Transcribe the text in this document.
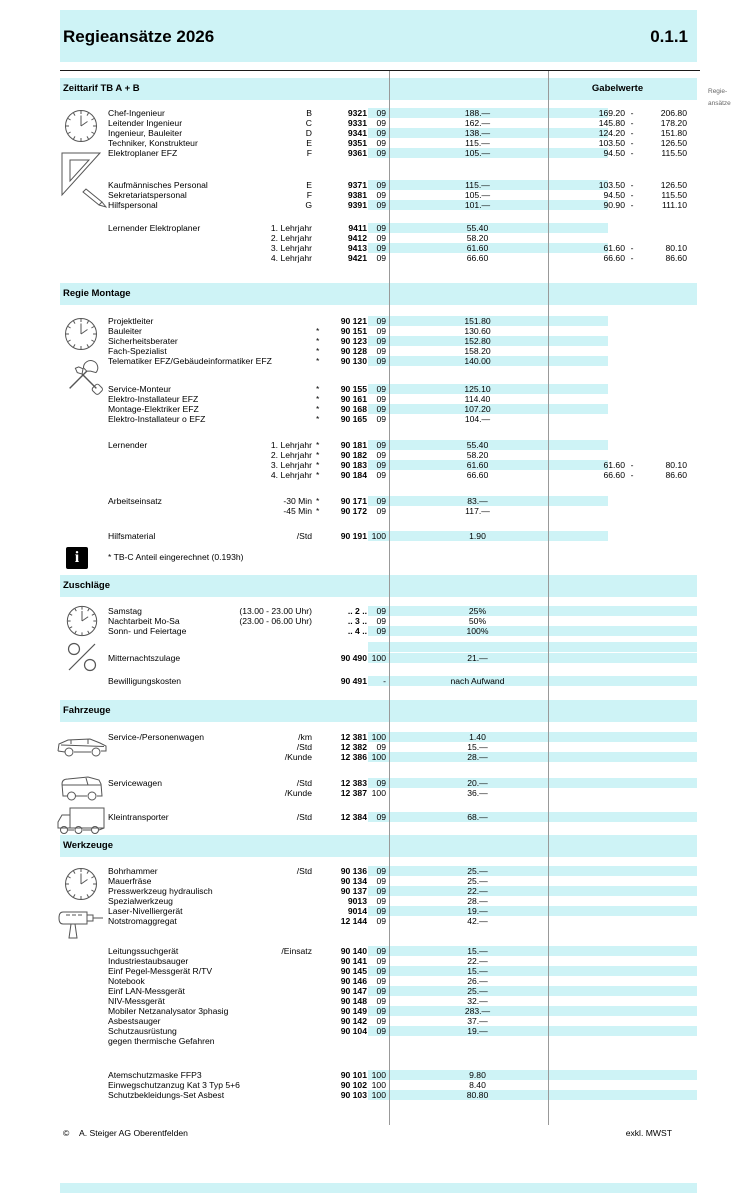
Regieansätze 2026	0.1.1
Regie-
ansätze
Zeittarif TB A + B	Gabelwerte
Regie Montage
Zuschläge
Fahrzeuge
Werkzeuge
Chef-Ingenieur	B	9321	09	188.—	169.20 -	206.80
Leitender Ingenieur	C	9331	09	162.—	145.80 -	178.20
Ingenieur, Bauleiter	D	9341	09	138.—	124.20 -	151.80
Techniker, Konstrukteur	E	9351	09	115.—	103.50 -	126.50
Elektroplaner EFZ	F	9361	09	105.—	94.50 -	115.50
Kaufmännisches Personal	E	9371	09	115.—	103.50 -	126.50
Sekretariatspersonal	F	9381	09	105.—	94.50 -	115.50
Hilfspersonal	G	9391	09	101.—	90.90 -	111.10
Lernender Elektroplaner	1. Lehrjahr	9411	09	55.40
2. Lehrjahr	9412	09	58.20
3. Lehrjahr	9413	09	61.60	61.60 -	80.10
4. Lehrjahr	9421	09	66.60	66.60 -	86.60
Projektleiter	90 121	09	151.80
Bauleiter	*	90 151	09	130.60
Sicherheitsberater	*	90 123	09	152.80
Fach-Spezialist	*	90 128	09	158.20
Telematiker EFZ/Gebäudeinformatiker EFZ	*	90 130	09	140.00
Service-Monteur	*	90 155	09	125.10
Elektro-Installateur EFZ	*	90 161	09	114.40
Montage-Elektriker EFZ	*	90 168	09	107.20
Elektro-Installateur o EFZ	*	90 165	09	104.—
Lernender	1. Lehrjahr *	90 181	09	55.40
2. Lehrjahr *	90 182	09	58.20
3. Lehrjahr *	90 183	09	61.60	61.60 -	80.10
4. Lehrjahr *	90 184	09	66.60	66.60 -	86.60
Arbeitseinsatz	-30 Min *	90 171	09	83.—
-45 Min *	90 172	09	117.—
Hilfsmaterial	/Std	90 191 100	1.90
Samstag	(13.00 - 23.00 Uhr)	.. 2 ..	09	25%
Nachtarbeit Mo-Sa	(23.00 - 06.00 Uhr)	.. 3 ..	09	50%
Sonn- und Feiertage	.. 4 ..	09	100%
Mitternachtszulage	90 490 100	21.—
Bewilligungskosten	90 491	-	nach Aufwand
Service-/Personenwagen	/km	12 381 100	1.40
/Std	12 382	09	15.—
/Kunde	12 386 100	28.—
Servicewagen	/Std	12 383	09	20.—
/Kunde	12 387 100	36.—
Kleintransporter	/Std	12 384	09	68.—
Bohrhammer	/Std	90 136	09	25.—
Mauerfräse	90 134	09	25.—
Presswerkzeug hydraulisch	90 137	09	22.—
Spezialwerkzeug	9013	09	28.—
Laser-Nivelliergerät	9014	09	19.—
Notstromaggregat	12 144	09	42.—
Leitungssuchgerät	/Einsatz	90 140	09	15.—
Industriestaubsauger	90 141	09	22.—
Einf Pegel-Messgerät R/TV	90 145	09	15.—
Notebook	90 146	09	26.—
Einf LAN-Messgerät	90 147	09	25.—
NIV-Messgerät	90 148	09	32.—
Mobiler Netzanalysator 3phasig	90 149	09	283.—
Asbestsauger	90 142	09	37.—
Schutzausrüstung	90 104	09	19.—
gegen thermische Gefahren
Atemschutzmaske FFP3	90 101 100	9.80
Einwegschutzanzug Kat 3 Typ 5+6	90 102 100	8.40
Schutzbekleidungs-Set Asbest	90 103 100	80.80
i	* TB-C Anteil eingerechnet (0.193h)
© A. Steiger AG Oberentfelden	exkl. MWST
